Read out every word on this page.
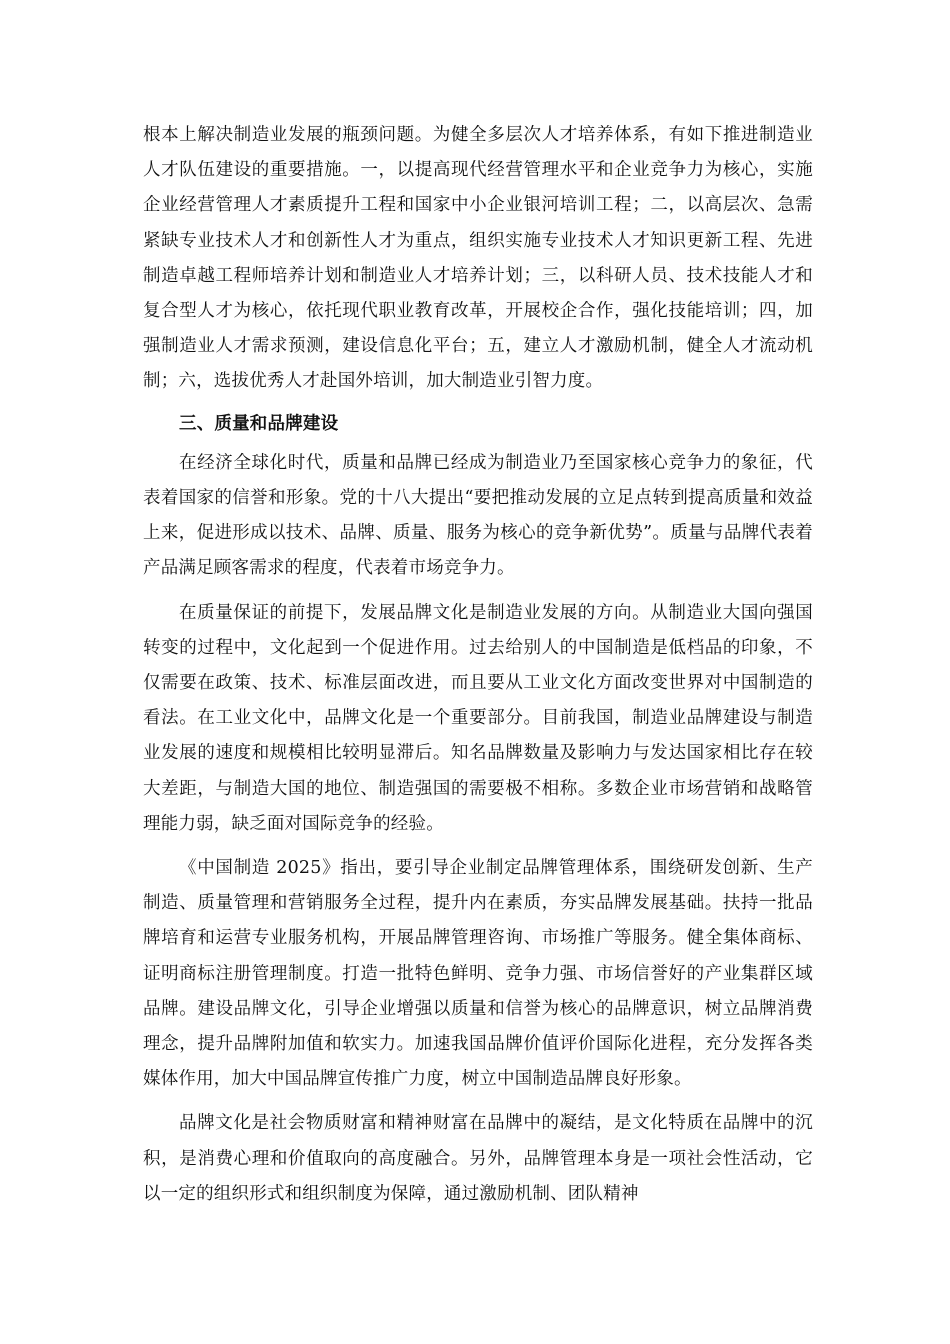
根本上解决制造业发展的瓶颈问题。为健全多层次人才培养体系，有如下推进制造业人才队伍建设的重要措施。一，以提高现代经营管理水平和企业竞争力为核心，实施企业经营管理人才素质提升工程和国家中小企业银河培训工程；二，以高层次、急需紧缺专业技术人才和创新性人才为重点，组织实施专业技术人才知识更新工程、先进制造卓越工程师培养计划和制造业人才培养计划；三，以科研人员、技术技能人才和复合型人才为核心，依托现代职业教育改革，开展校企合作，强化技能培训；四，加强制造业人才需求预测，建设信息化平台；五，建立人才激励机制，健全人才流动机制；六，选拔优秀人才赴国外培训，加大制造业引智力度。

三、质量和品牌建设

在经济全球化时代，质量和品牌已经成为制造业乃至国家核心竞争力的象征，代表着国家的信誉和形象。党的十八大提出“要把推动发展的立足点转到提高质量和效益上来，促进形成以技术、品牌、质量、服务为核心的竞争新优势”。质量与品牌代表着产品满足顾客需求的程度，代表着市场竞争力。

在质量保证的前提下，发展品牌文化是制造业发展的方向。从制造业大国向强国转变的过程中，文化起到一个促进作用。过去给别人的中国制造是低档品的印象，不仅需要在政策、技术、标准层面改进，而且要从工业文化方面改变世界对中国制造的看法。在工业文化中，品牌文化是一个重要部分。目前我国，制造业品牌建设与制造业发展的速度和规模相比较明显滞后。知名品牌数量及影响力与发达国家相比存在较大差距，与制造大国的地位、制造强国的需要极不相称。多数企业市场营销和战略管理能力弱，缺乏面对国际竞争的经验。

《中国制造 2025》指出，要引导企业制定品牌管理体系，围绕研发创新、生产制造、质量管理和营销服务全过程，提升内在素质，夯实品牌发展基础。扶持一批品牌培育和运营专业服务机构，开展品牌管理咨询、市场推广等服务。健全集体商标、证明商标注册管理制度。打造一批特色鲜明、竞争力强、市场信誉好的产业集群区域品牌。建设品牌文化，引导企业增强以质量和信誉为核心的品牌意识，树立品牌消费理念，提升品牌附加值和软实力。加速我国品牌价值评价国际化进程，充分发挥各类媒体作用，加大中国品牌宣传推广力度，树立中国制造品牌良好形象。

品牌文化是社会物质财富和精神财富在品牌中的凝结，是文化特质在品牌中的沉积，是消费心理和价值取向的高度融合。另外，品牌管理本身是一项社会性活动，它以一定的组织形式和组织制度为保障，通过激励机制、团队精神
